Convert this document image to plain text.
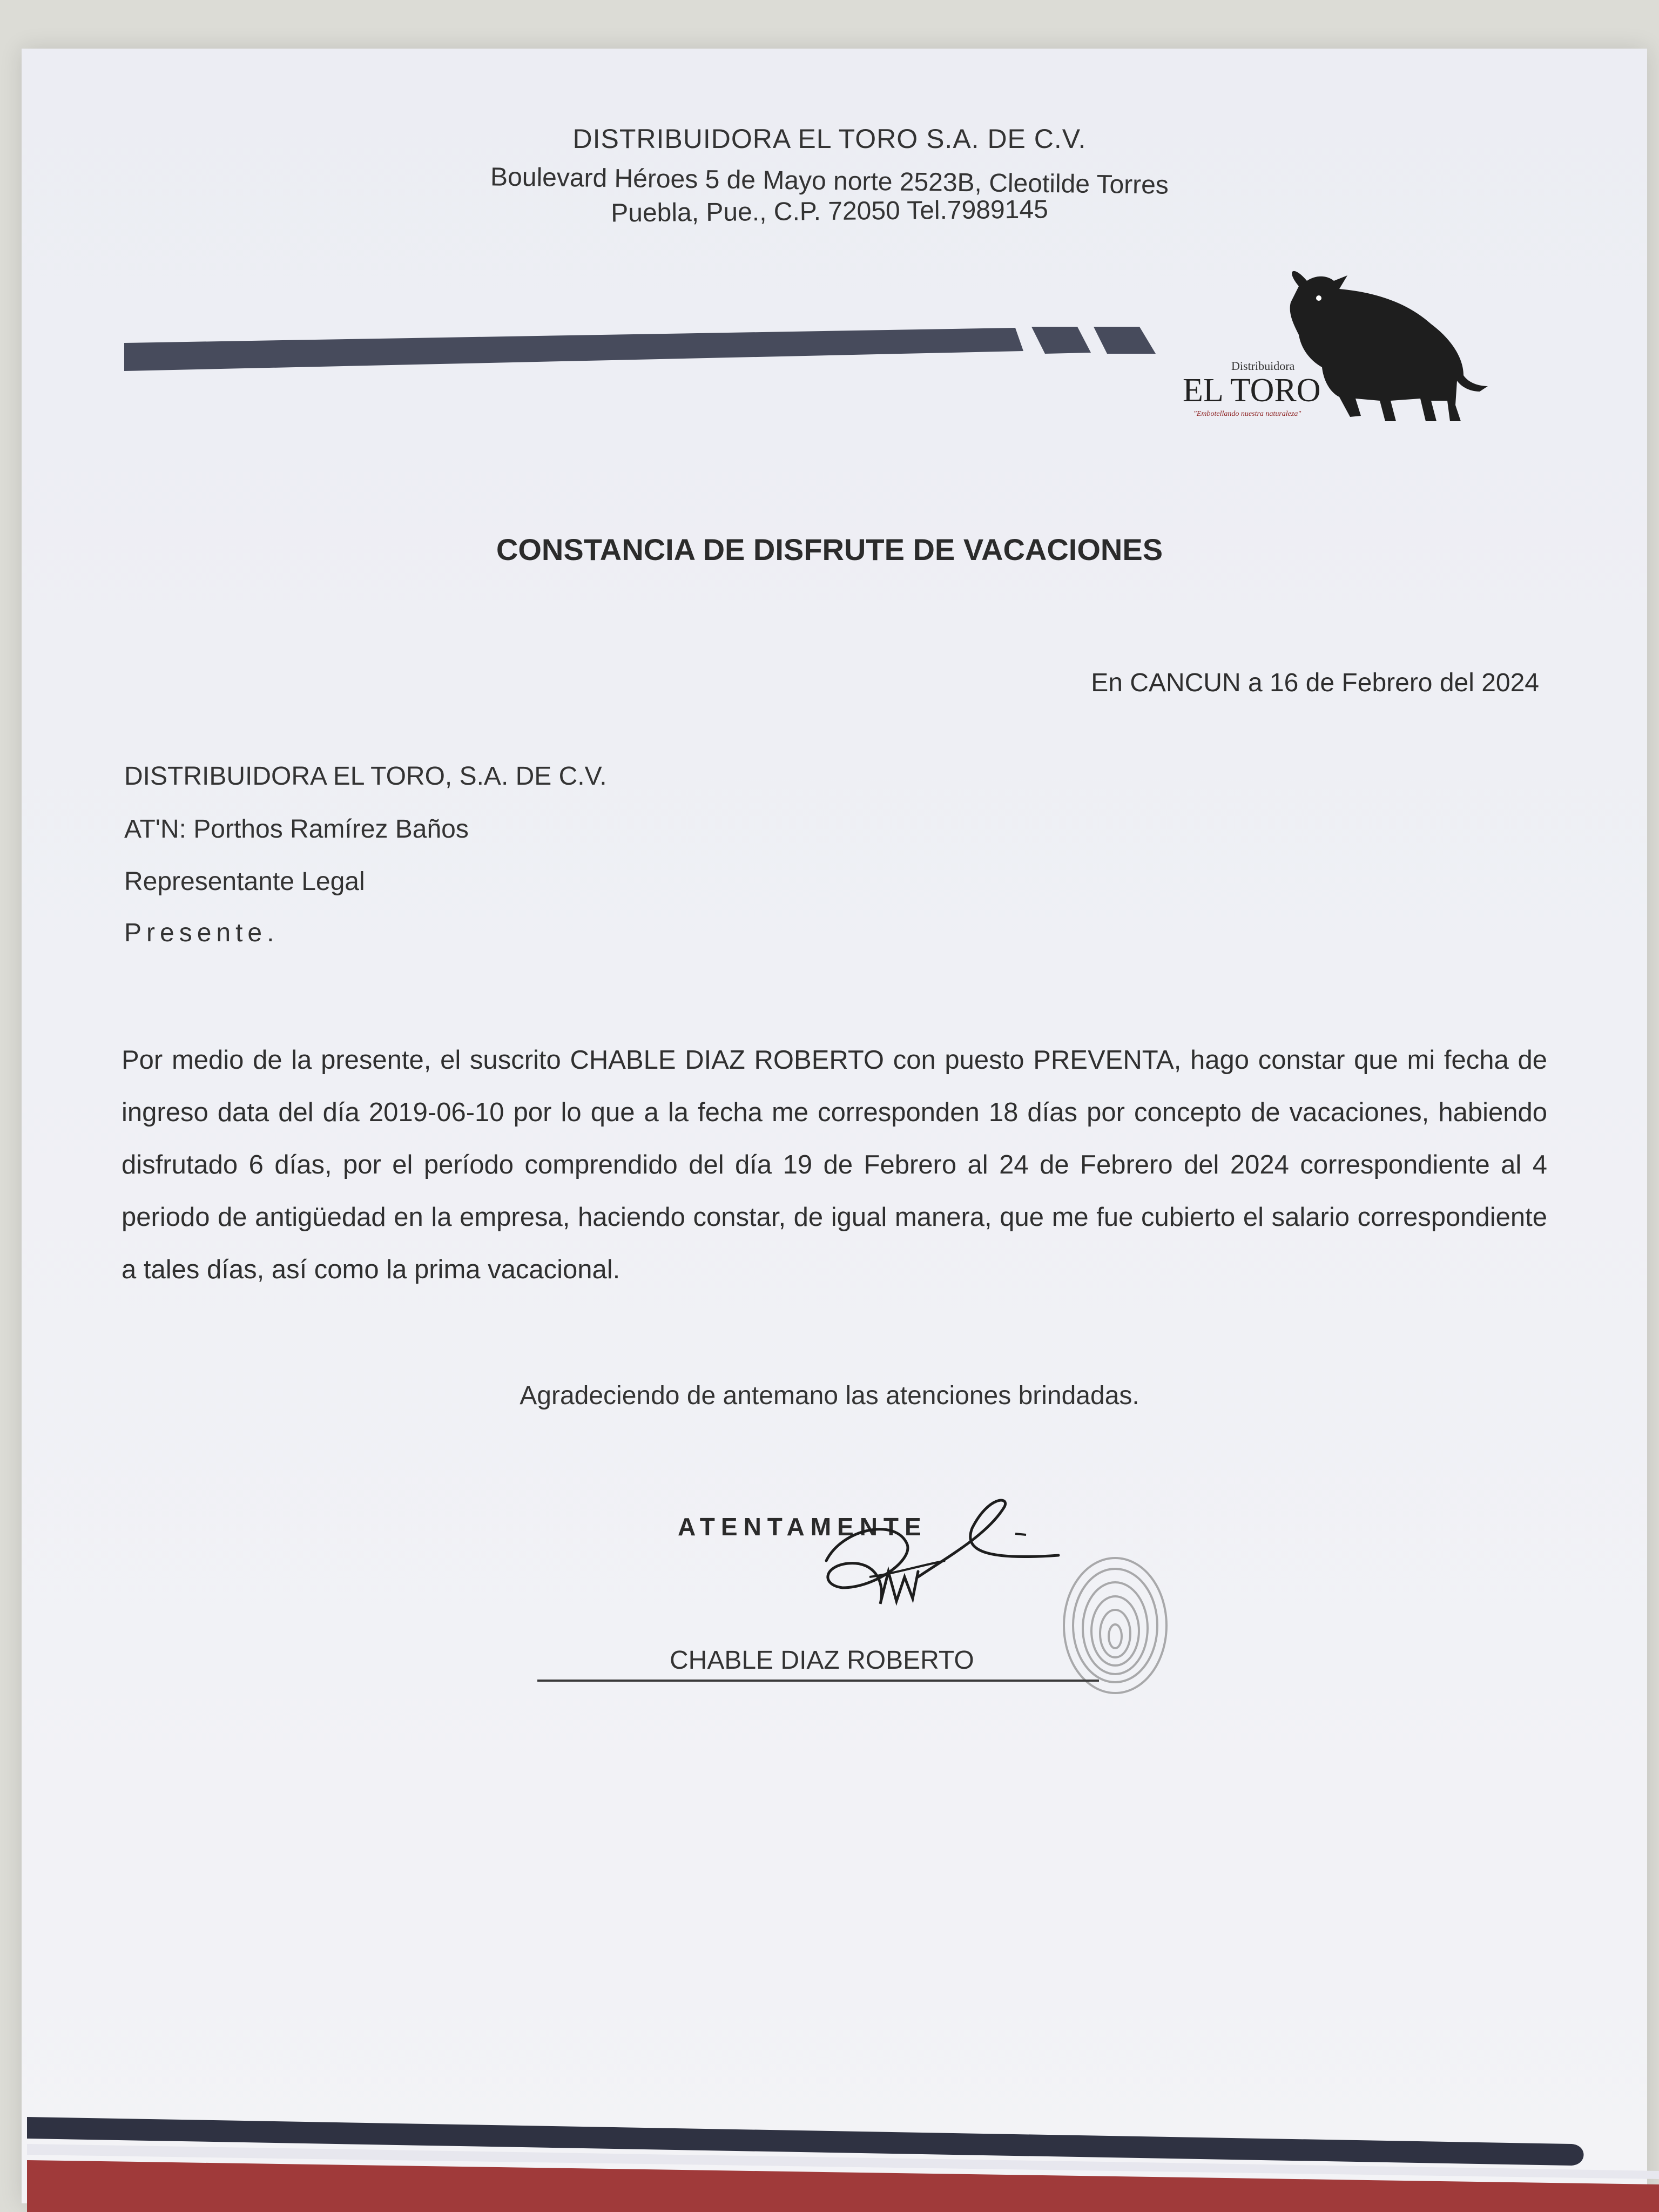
DISTRIBUIDORA EL TORO S.A. DE C.V.
Boulevard Héroes 5 de Mayo norte 2523B, Cleotilde Torres
Puebla, Pue., C.P. 72050 Tel.7989145
Distribuidora
EL TORO
"Embotellando nuestra naturaleza"
CONSTANCIA DE DISFRUTE DE VACACIONES
En CANCUN a 16 de Febrero del 2024
DISTRIBUIDORA EL TORO, S.A. DE C.V.
AT'N: Porthos Ramírez Baños
Representante Legal
Presente.
Por medio de la presente, el suscrito CHABLE DIAZ ROBERTO con puesto PREVENTA, hago constar que mi fecha de ingreso data del día 2019-06-10 por lo que a la fecha me corresponden 18 días por concepto de vacaciones, habiendo disfrutado 6 días, por el período comprendido del día 19 de Febrero al 24 de Febrero del 2024 correspondiente al 4 periodo de antigüedad en la empresa, haciendo constar, de igual manera, que me fue cubierto el salario correspondiente a tales días, así como la prima vacacional.
Agradeciendo de antemano las atenciones brindadas.
ATENTAMENTE
CHABLE DIAZ ROBERTO
